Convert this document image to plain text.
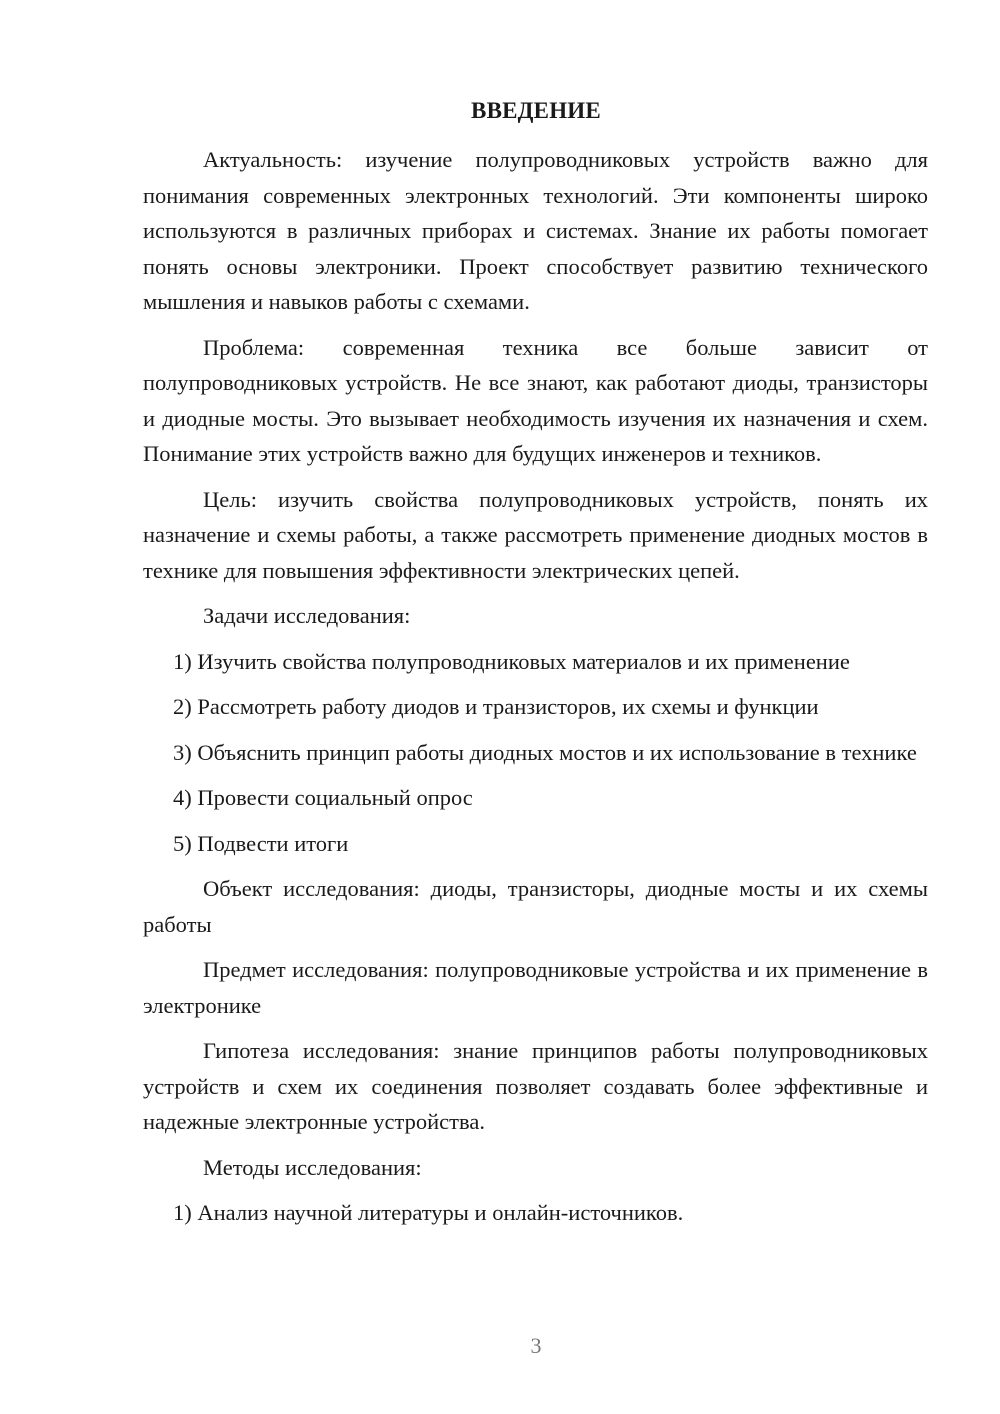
ВВЕДЕНИЕ

Актуальность: изучение полупроводниковых устройств важно для понимания современных электронных технологий. Эти компоненты широко используются в различных приборах и системах. Знание их работы помогает понять основы электроники. Проект способствует развитию технического мышления и навыков работы с схемами.

Проблема: современная техника все больше зависит от полупроводниковых устройств. Не все знают, как работают диоды, транзисторы и диодные мосты. Это вызывает необходимость изучения их назначения и схем. Понимание этих устройств важно для будущих инженеров и техников.

Цель: изучить свойства полупроводниковых устройств, понять их назначение и схемы работы, а также рассмотреть применение диодных мостов в технике для повышения эффективности электрических цепей.

Задачи исследования:

1) Изучить свойства полупроводниковых материалов и их применение

2) Рассмотреть работу диодов и транзисторов, их схемы и функции

3) Объяснить принцип работы диодных мостов и их использование в технике

4) Провести социальный опрос

5) Подвести итоги

Объект исследования: диоды, транзисторы, диодные мосты и их схемы работы

Предмет исследования: полупроводниковые устройства и их применение в электронике

Гипотеза исследования: знание принципов работы полупроводниковых устройств и схем их соединения позволяет создавать более эффективные и надежные электронные устройства.

Методы исследования:

1) Анализ научной литературы и онлайн-источников.

3
